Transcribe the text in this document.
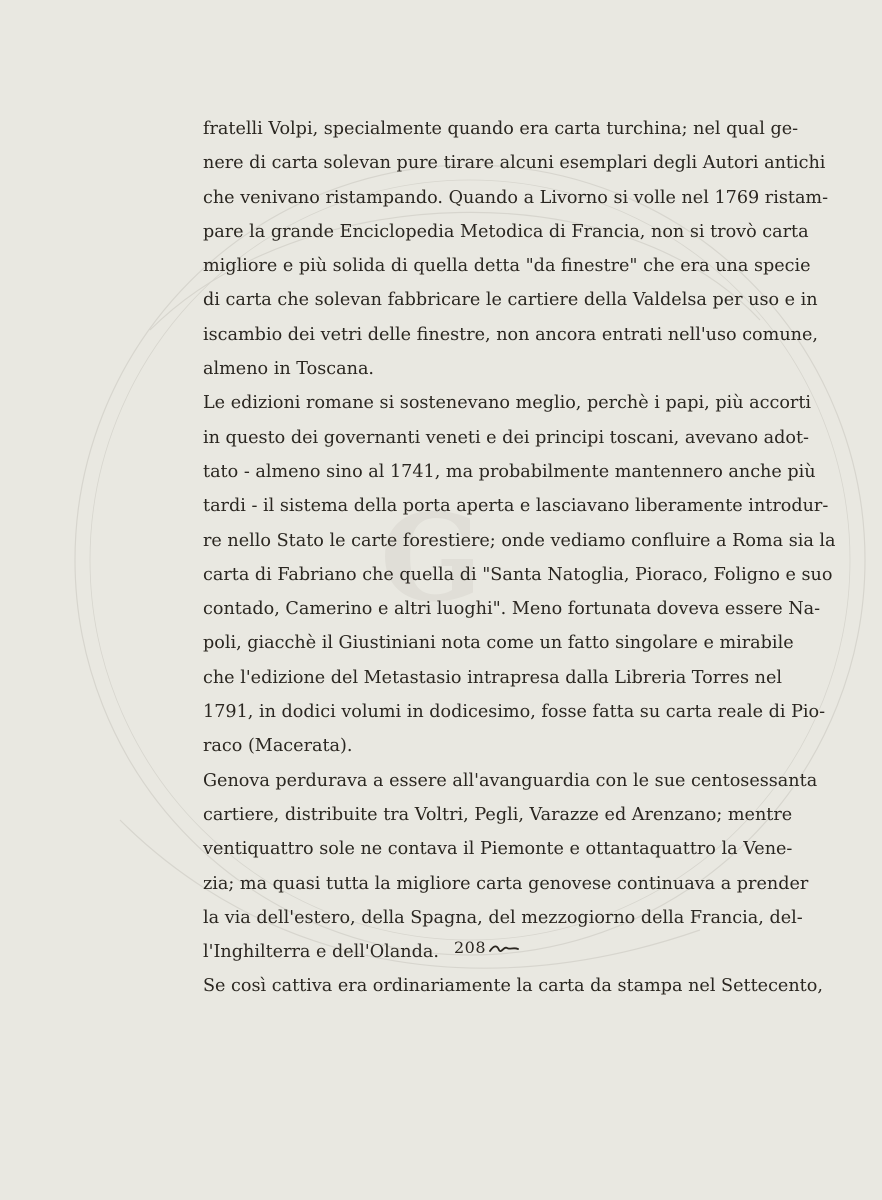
G
fratelli Volpi, specialmente quando era carta turchina; nel qual ge-
nere di carta solevan pure tirare alcuni esemplari degli Autori antichi
che venivano ristampando. Quando a Livorno si volle nel 1769 ristam-
pare la grande Enciclopedia Metodica di Francia, non si trovò carta
migliore e più solida di quella detta "da finestre" che era una specie
di carta che solevan fabbricare le cartiere della Valdelsa per uso e in
iscambio dei vetri delle finestre, non ancora entrati nell'uso comune,
almeno in Toscana.
Le edizioni romane si sostenevano meglio, perchè i papi, più accorti
in questo dei governanti veneti e dei principi toscani, avevano adot-
tato - almeno sino al 1741, ma probabilmente mantennero anche più
tardi - il sistema della porta aperta e lasciavano liberamente introdur-
re nello Stato le carte forestiere; onde vediamo confluire a Roma sia la
carta di Fabriano che quella di "Santa Natoglia, Pioraco, Foligno e suo
contado, Camerino e altri luoghi". Meno fortunata doveva essere Na-
poli, giacchè il Giustiniani nota come un fatto singolare e mirabile
che l'edizione del Metastasio intrapresa dalla Libreria Torres nel
1791, in dodici volumi in dodicesimo, fosse fatta su carta reale di Pio-
raco (Macerata).
Genova perdurava a essere all'avanguardia con le sue centosessanta
cartiere, distribuite tra Voltri, Pegli, Varazze ed Arenzano; mentre
ventiquattro sole ne contava il Piemonte e ottantaquattro la Vene-
zia; ma quasi tutta la migliore carta genovese continuava a prender
la via dell'estero, della Spagna, del mezzogiorno della Francia, del-
l'Inghilterra e dell'Olanda.
Se così cattiva era ordinariamente la carta da stampa nel Settecento,
208
